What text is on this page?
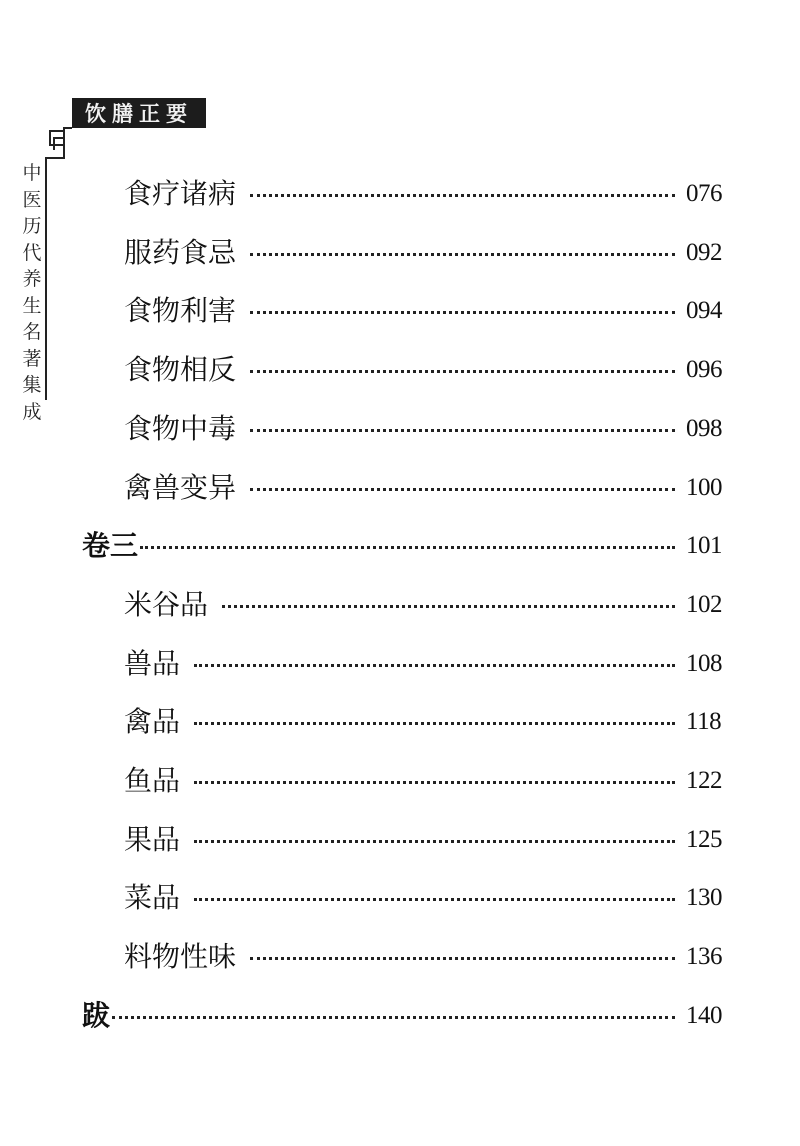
饮膳正要
中
医
历
代
养
生
名
著
集
成
食疗诸病	076
服药食忌	092
食物利害	094
食物相反	096
食物中毒	098
禽兽变异	100
卷三	101
米谷品	102
兽品	108
禽品	118
鱼品	122
果品	125
菜品	130
料物性味	136
跋	140
